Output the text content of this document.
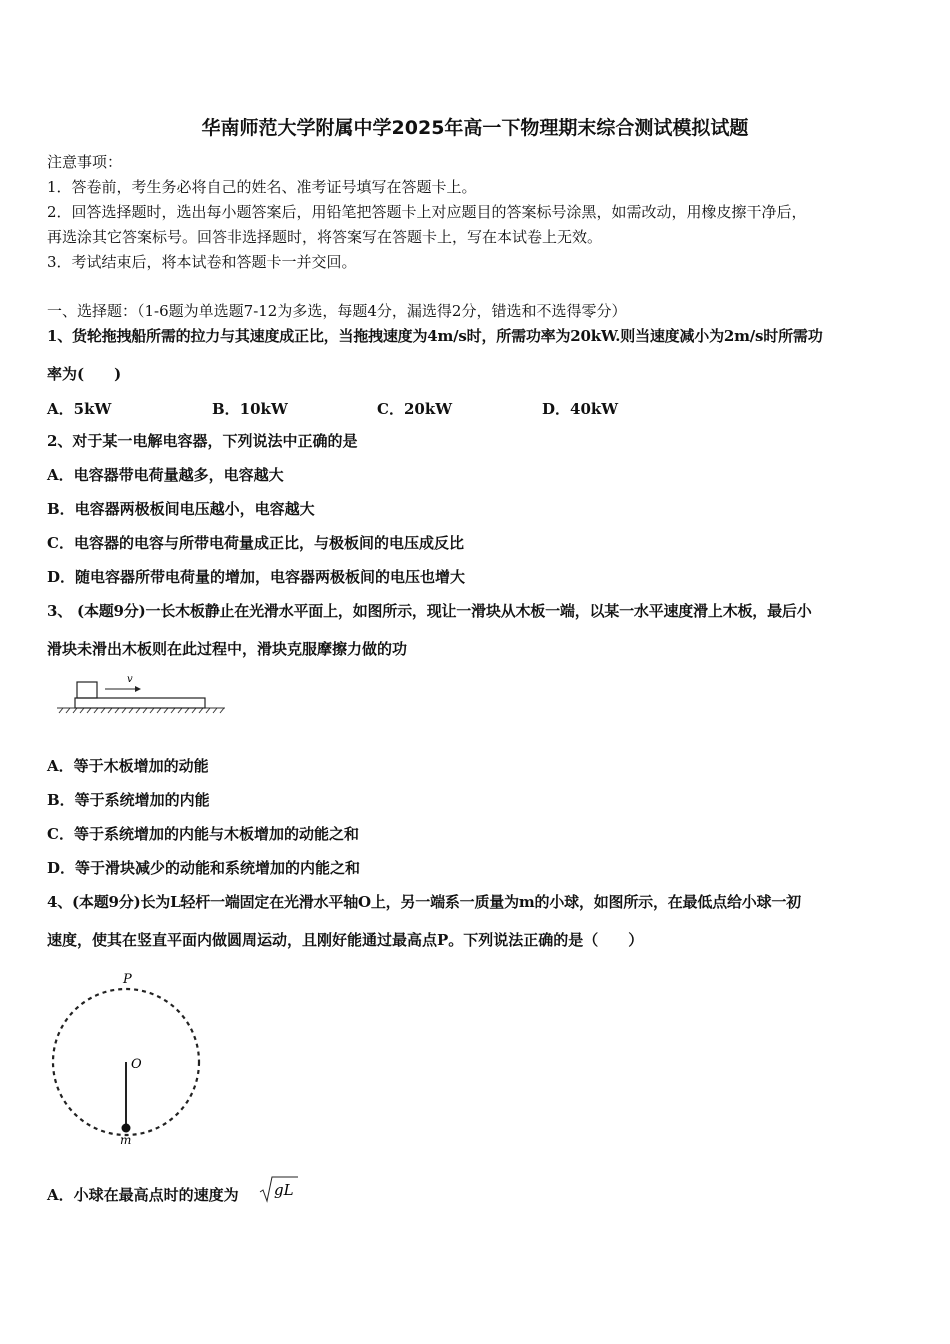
华南师范大学附属中学2025年高一下物理期末综合测试模拟试题
注意事项：
1．答卷前，考生务必将自己的姓名、准考证号填写在答题卡上。
2．回答选择题时，选出每小题答案后，用铅笔把答题卡上对应题目的答案标号涂黑，如需改动，用橡皮擦干净后，
再选涂其它答案标号。回答非选择题时，将答案写在答题卡上，写在本试卷上无效。
3．考试结束后，将本试卷和答题卡一并交回。
一、选择题：（1-6题为单选题7-12为多选，每题4分，漏选得2分，错选和不选得零分）
1、货轮拖拽船所需的拉力与其速度成正比，当拖拽速度为4m/s时，所需功率为20kW.则当速度减小为2m/s时所需功
率为(　　)
A．5kW	B．10kW	C．20kW	D．40kW
2、对于某一电解电容器，下列说法中正确的是
A．电容器带电荷量越多，电容越大
B．电容器两极板间电压越小，电容越大
C．电容器的电容与所带电荷量成正比，与极板间的电压成反比
D．随电容器所带电荷量的增加，电容器两极板间的电压也增大
3、 (本题9分)一长木板静止在光滑水平面上，如图所示，现让一滑块从木板一端，以某一水平速度滑上木板，最后小
滑块未滑出木板则在此过程中，滑块克服摩擦力做的功
v
A．等于木板增加的动能
B．等于系统增加的内能
C．等于系统增加的内能与木板增加的动能之和
D．等于滑块减少的动能和系统增加的内能之和
4、(本题9分)长为L轻杆一端固定在光滑水平轴O上，另一端系一质量为m的小球，如图所示，在最低点给小球一初
速度，使其在竖直平面内做圆周运动，且刚好能通过最高点P。下列说法正确的是（　　）
P
O
m
A．小球在最高点时的速度为 gL
